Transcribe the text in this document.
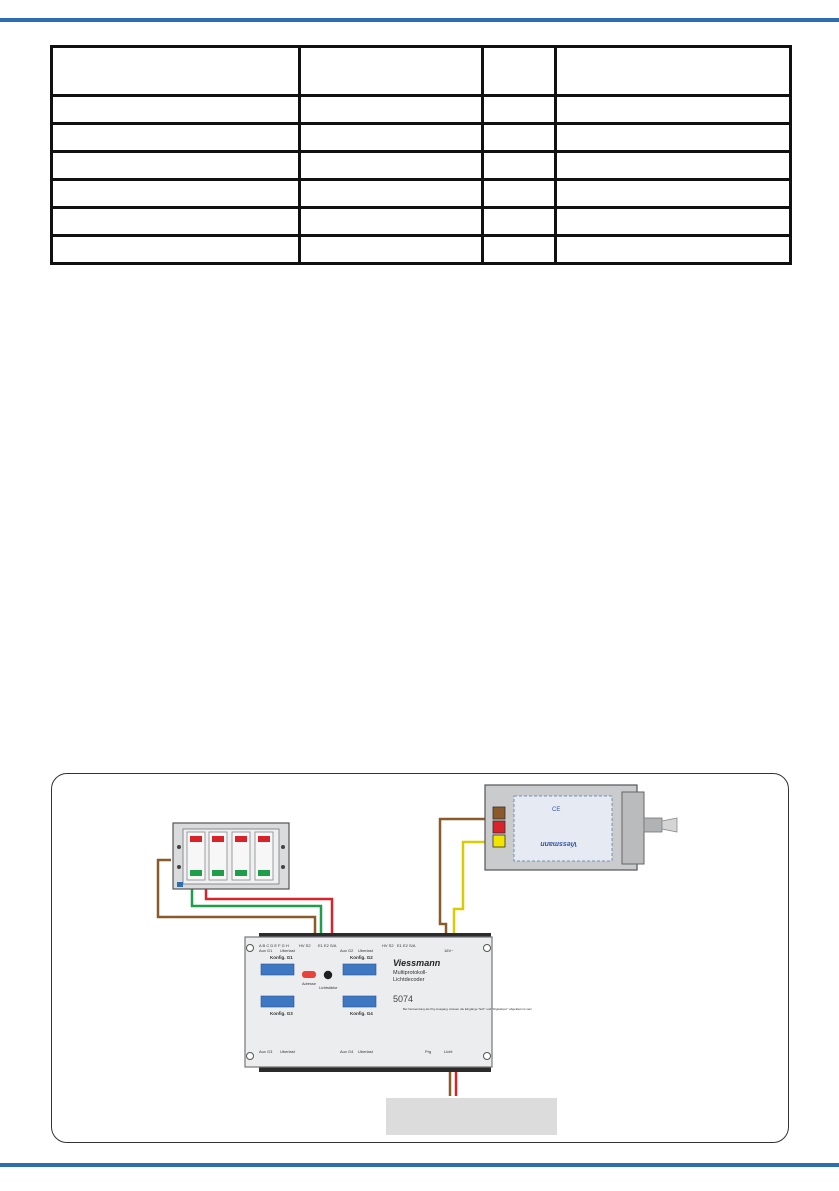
CE
Viessmann
A B C D E F G H
Aux G1 Uberlast
HV S2 E1 E2 S/A
Aux G2 Uberlast
HV S2 E1 E2 S/A
16V~
Konfig. G1	Konfig. G2
Adresse
Lichtstärke
Viessmann
Multiprotokoll-
Lichtdecoder
5074
Bei Verwendung als Prg-Ausgang müssen die Eingänge "E/A" und "Digitalspur" abgeklemmt sein
Konfig. G3	Konfig. G4
Aux G3 Uberlast	Aux G4 Uberlast	Prg	Licht
